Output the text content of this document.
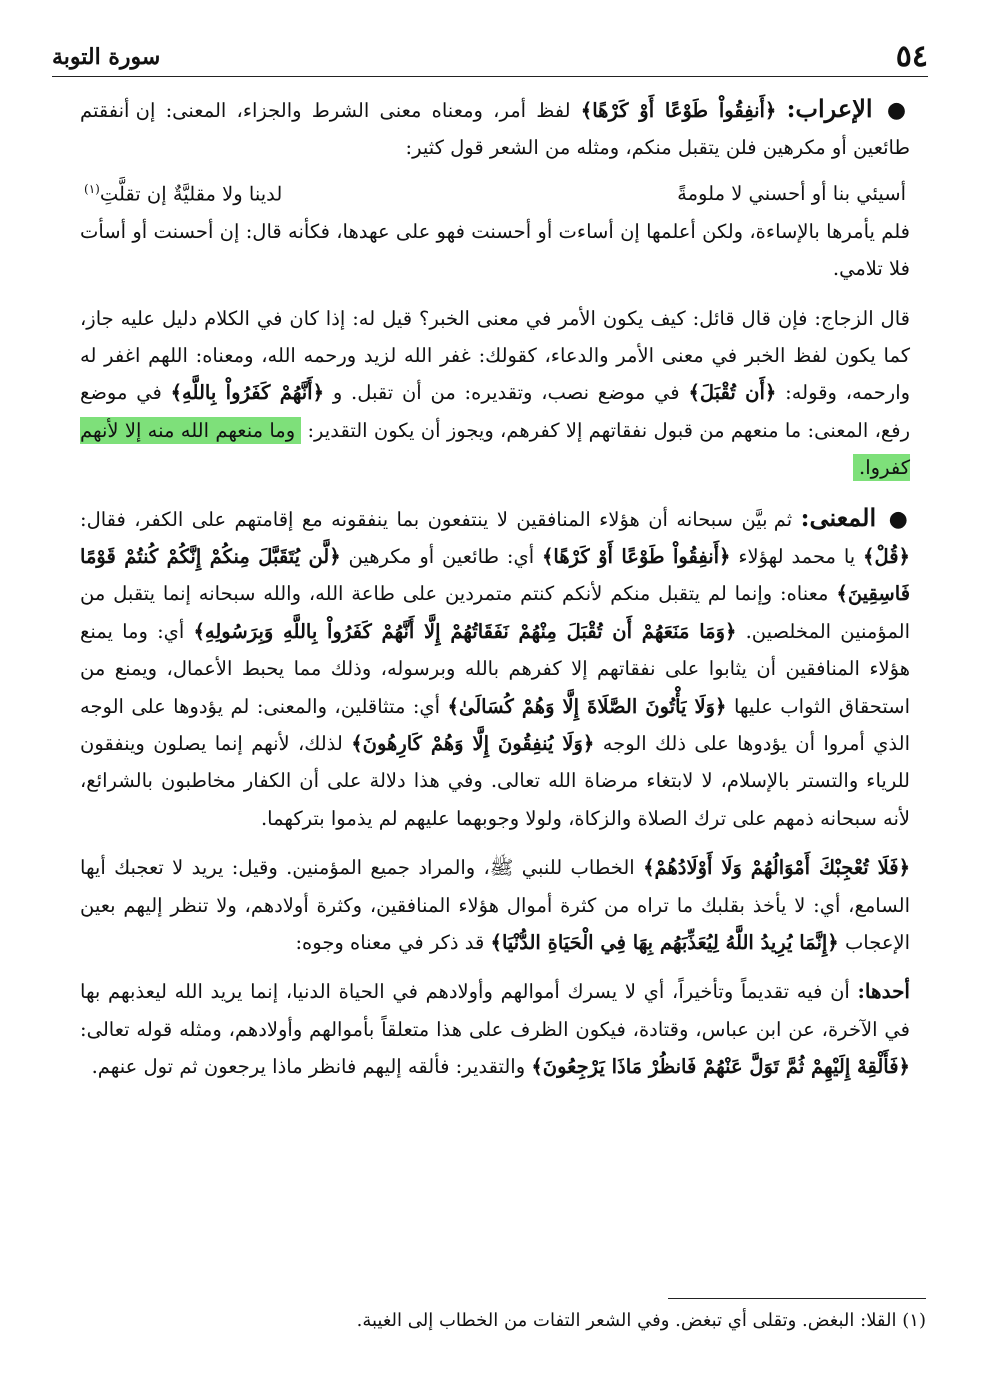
٥٤
سورة التوبة

● الإعراب: ﴿أَنفِقُواْ طَوْعًا أَوْ كَرْهًا﴾ لفظ أمر، ومعناه معنى الشرط والجزاء، المعنى: إن أنفقتم طائعين أو مكرهين فلن يتقبل منكم، ومثله من الشعر قول كثير:

أسيئي بنا أو أحسني لا ملومةً
لدينا ولا مقليَّةٌ إن تقلَّتِ$^{(١)}$

فلم يأمرها بالإساءة، ولكن أعلمها إن أساءت أو أحسنت فهو على عهدها، فكأنه قال: إن أحسنت أو أسأت فلا تلامي.

قال الزجاج: فإن قال قائل: كيف يكون الأمر في معنى الخبر؟ قيل له: إذا كان في الكلام دليل عليه جاز، كما يكون لفظ الخبر في معنى الأمر والدعاء، كقولك: غفر الله لزيد ورحمه الله، ومعناه: اللهم اغفر له وارحمه، وقوله: ﴿أَن تُقْبَلَ﴾ في موضع نصب، وتقديره: من أن تقبل. و ﴿أَنَّهُمْ كَفَرُواْ بِاللَّهِ﴾ في موضع رفع، المعنى: ما منعهم من قبول نفقاتهم إلا كفرهم، ويجوز أن يكون التقدير: وما منعهم الله منه إلا لأنهم كفروا.

● المعنى: ثم بيَّن سبحانه أن هؤلاء المنافقين لا ينتفعون بما ينفقونه مع إقامتهم على الكفر، فقال: ﴿قُلْ﴾ يا محمد لهؤلاء ﴿أَنفِقُواْ طَوْعًا أَوْ كَرْهًا﴾ أي: طائعين أو مكرهين ﴿لَّن يُتَقَبَّلَ مِنكُمْ إِنَّكُمْ كُنتُمْ قَوْمًا فَاسِقِينَ﴾ معناه: وإنما لم يتقبل منكم لأنكم كنتم متمردين على طاعة الله، والله سبحانه إنما يتقبل من المؤمنين المخلصين. ﴿وَمَا مَنَعَهُمْ أَن تُقْبَلَ مِنْهُمْ نَفَقَاتُهُمْ إِلَّا أَنَّهُمْ كَفَرُواْ بِاللَّهِ وَبِرَسُولِهِ﴾ أي: وما يمنع هؤلاء المنافقين أن يثابوا على نفقاتهم إلا كفرهم بالله وبرسوله، وذلك مما يحبط الأعمال، ويمنع من استحقاق الثواب عليها ﴿وَلَا يَأْتُونَ الصَّلَاةَ إِلَّا وَهُمْ كُسَالَىٰ﴾ أي: متثاقلين، والمعنى: لم يؤدوها على الوجه الذي أمروا أن يؤدوها على ذلك الوجه ﴿وَلَا يُنفِقُونَ إِلَّا وَهُمْ كَارِهُونَ﴾ لذلك، لأنهم إنما يصلون وينفقون للرياء والتستر بالإسلام، لا لابتغاء مرضاة الله تعالى. وفي هذا دلالة على أن الكفار مخاطبون بالشرائع، لأنه سبحانه ذمهم على ترك الصلاة والزكاة، ولولا وجوبهما عليهم لم يذموا بتركهما.

﴿فَلَا تُعْجِبْكَ أَمْوَالُهُمْ وَلَا أَوْلَادُهُمْ﴾ الخطاب للنبي ﷺ، والمراد جميع المؤمنين. وقيل: يريد لا تعجبك أيها السامع، أي: لا يأخذ بقلبك ما تراه من كثرة أموال هؤلاء المنافقين، وكثرة أولادهم، ولا تنظر إليهم بعين الإعجاب ﴿إِنَّمَا يُرِيدُ اللَّهُ لِيُعَذِّبَهُم بِهَا فِي الْحَيَاةِ الدُّنْيَا﴾ قد ذكر في معناه وجوه:

أحدها: أن فيه تقديماً وتأخيراً، أي لا يسرك أموالهم وأولادهم في الحياة الدنيا، إنما يريد الله ليعذبهم بها في الآخرة، عن ابن عباس، وقتادة، فيكون الظرف على هذا متعلقاً بأموالهم وأولادهم، ومثله قوله تعالى: ﴿فَأَلْقِهْ إِلَيْهِمْ ثُمَّ تَوَلَّ عَنْهُمْ فَانظُرْ مَاذَا يَرْجِعُونَ﴾ والتقدير: فألقه إليهم فانظر ماذا يرجعون ثم تول عنهم.

(١) القلا: البغض. وتقلى أي تبغض. وفي الشعر التفات من الخطاب إلى الغيبة.
